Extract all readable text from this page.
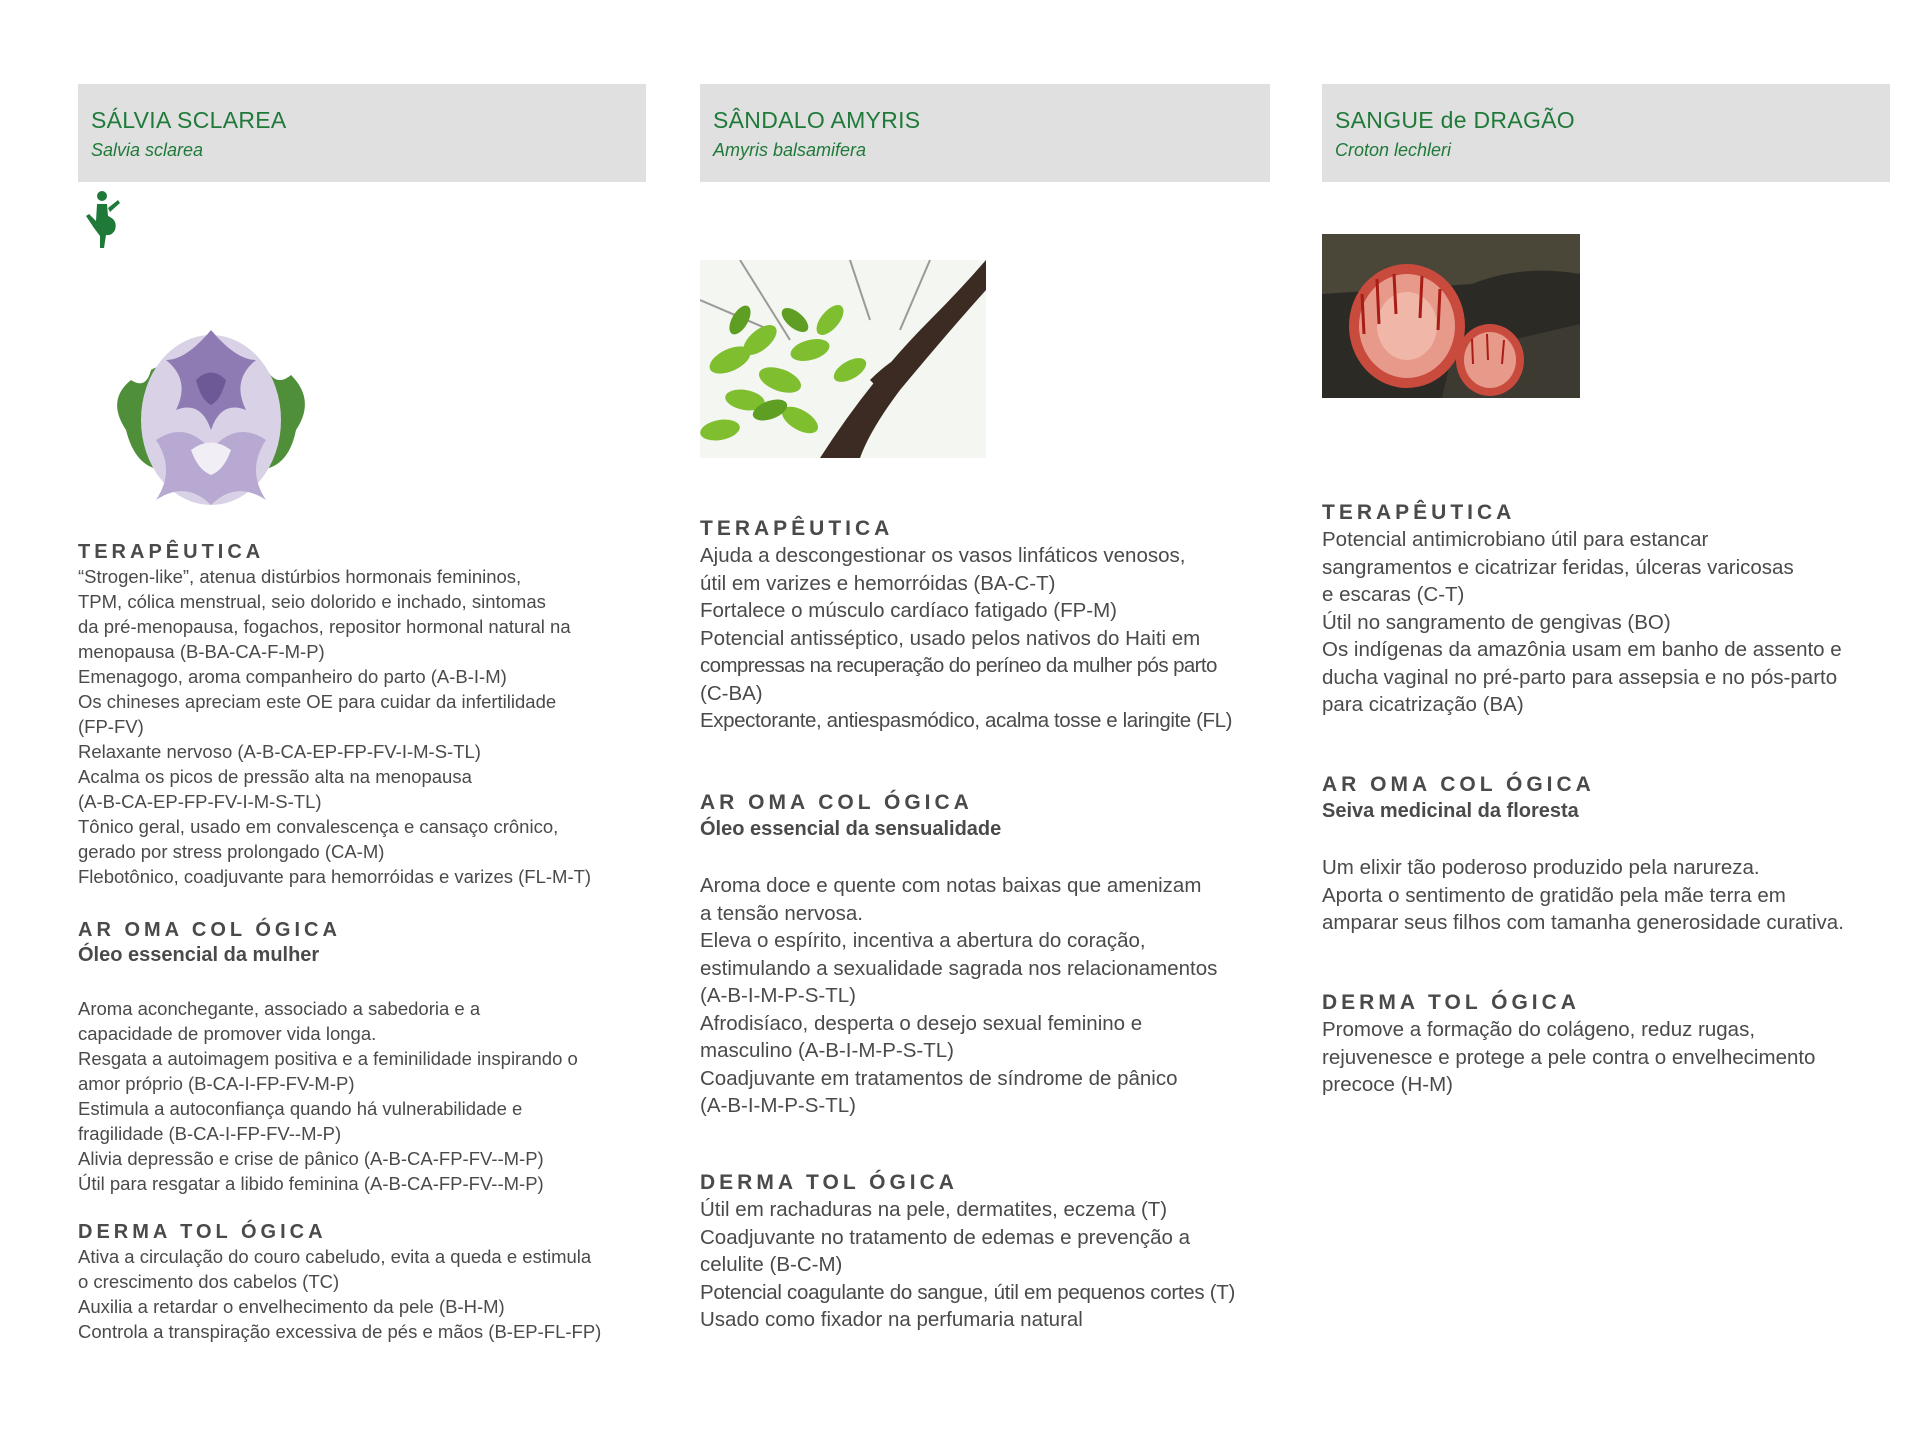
SÁLVIA SCLAREA
Salvia sclarea
TERAPÊUTICA
“Strogen-like”, atenua distúrbios hormonais femininos,
TPM, cólica menstrual, seio dolorido e inchado, sintomas
da pré-menopausa, fogachos, repositor hormonal natural na
menopausa (B-BA-CA-F-M-P)
Emenagogo, aroma companheiro do parto (A-B-I-M)
Os chineses apreciam este OE para cuidar da infertilidade
(FP-FV)
Relaxante nervoso (A-B-CA-EP-FP-FV-I-M-S-TL)
Acalma os picos de pressão alta na menopausa
(A-B-CA-EP-FP-FV-I-M-S-TL)
Tônico geral, usado em convalescença e cansaço crônico,
gerado por stress prolongado (CA-M)
Flebotônico, coadjuvante para hemorróidas e varizes (FL-M-T)
AR OMA COL ÓGICA
Óleo essencial da mulher
Aroma aconchegante, associado a sabedoria e a
capacidade de promover vida longa.
Resgata a autoimagem positiva e a feminilidade inspirando o
amor próprio (B-CA-I-FP-FV-M-P)
Estimula a autoconfiança quando há vulnerabilidade e
fragilidade (B-CA-I-FP-FV--M-P)
Alivia depressão e crise de pânico (A-B-CA-FP-FV--M-P)
Útil para resgatar a libido feminina (A-B-CA-FP-FV--M-P)
DERMA TOL ÓGICA
Ativa a circulação do couro cabeludo, evita a queda e estimula
o crescimento dos cabelos (TC)
Auxilia a retardar o envelhecimento da pele (B-H-M)
Controla a transpiração excessiva de pés e mãos (B-EP-FL-FP)
SÂNDALO AMYRIS
Amyris balsamifera
TERAPÊUTICA
Ajuda a descongestionar os vasos linfáticos venosos,
útil em varizes e hemorróidas (BA-C-T)
Fortalece o músculo cardíaco fatigado (FP-M)
Potencial antisséptico, usado pelos nativos do Haiti em
compressas na recuperação do períneo da mulher pós parto
(C-BA)
Expectorante, antiespasmódico, acalma tosse e laringite (FL)
AR OMA COL ÓGICA
Óleo essencial da sensualidade
Aroma doce e quente com notas baixas que amenizam
a tensão nervosa.
Eleva o espírito, incentiva a abertura do coração,
estimulando a sexualidade sagrada nos relacionamentos
(A-B-I-M-P-S-TL)
Afrodisíaco, desperta o desejo sexual feminino e
masculino (A-B-I-M-P-S-TL)
Coadjuvante em tratamentos de síndrome de pânico
(A-B-I-M-P-S-TL)
DERMA TOL ÓGICA
Útil em rachaduras na pele, dermatites, eczema (T)
Coadjuvante no tratamento de edemas e prevenção a
celulite (B-C-M)
Potencial coagulante do sangue, útil em pequenos cortes (T)
Usado como fixador na perfumaria natural
SANGUE de DRAGÃO
Croton lechleri
TERAPÊUTICA
Potencial antimicrobiano útil para estancar
sangramentos e cicatrizar feridas, úlceras varicosas
e escaras (C-T)
Útil no sangramento de gengivas (BO)
Os indígenas da amazônia usam em banho de assento e
ducha vaginal no pré-parto para assepsia e no pós-parto
para cicatrização (BA)
AR OMA COL ÓGICA
Seiva medicinal da floresta
Um elixir tão poderoso produzido pela narureza.
Aporta o sentimento de gratidão pela mãe terra em
amparar seus filhos com tamanha generosidade curativa.
DERMA TOL ÓGICA
Promove a formação do colágeno, reduz rugas,
rejuvenesce e protege a pele contra o envelhecimento
precoce (H-M)
